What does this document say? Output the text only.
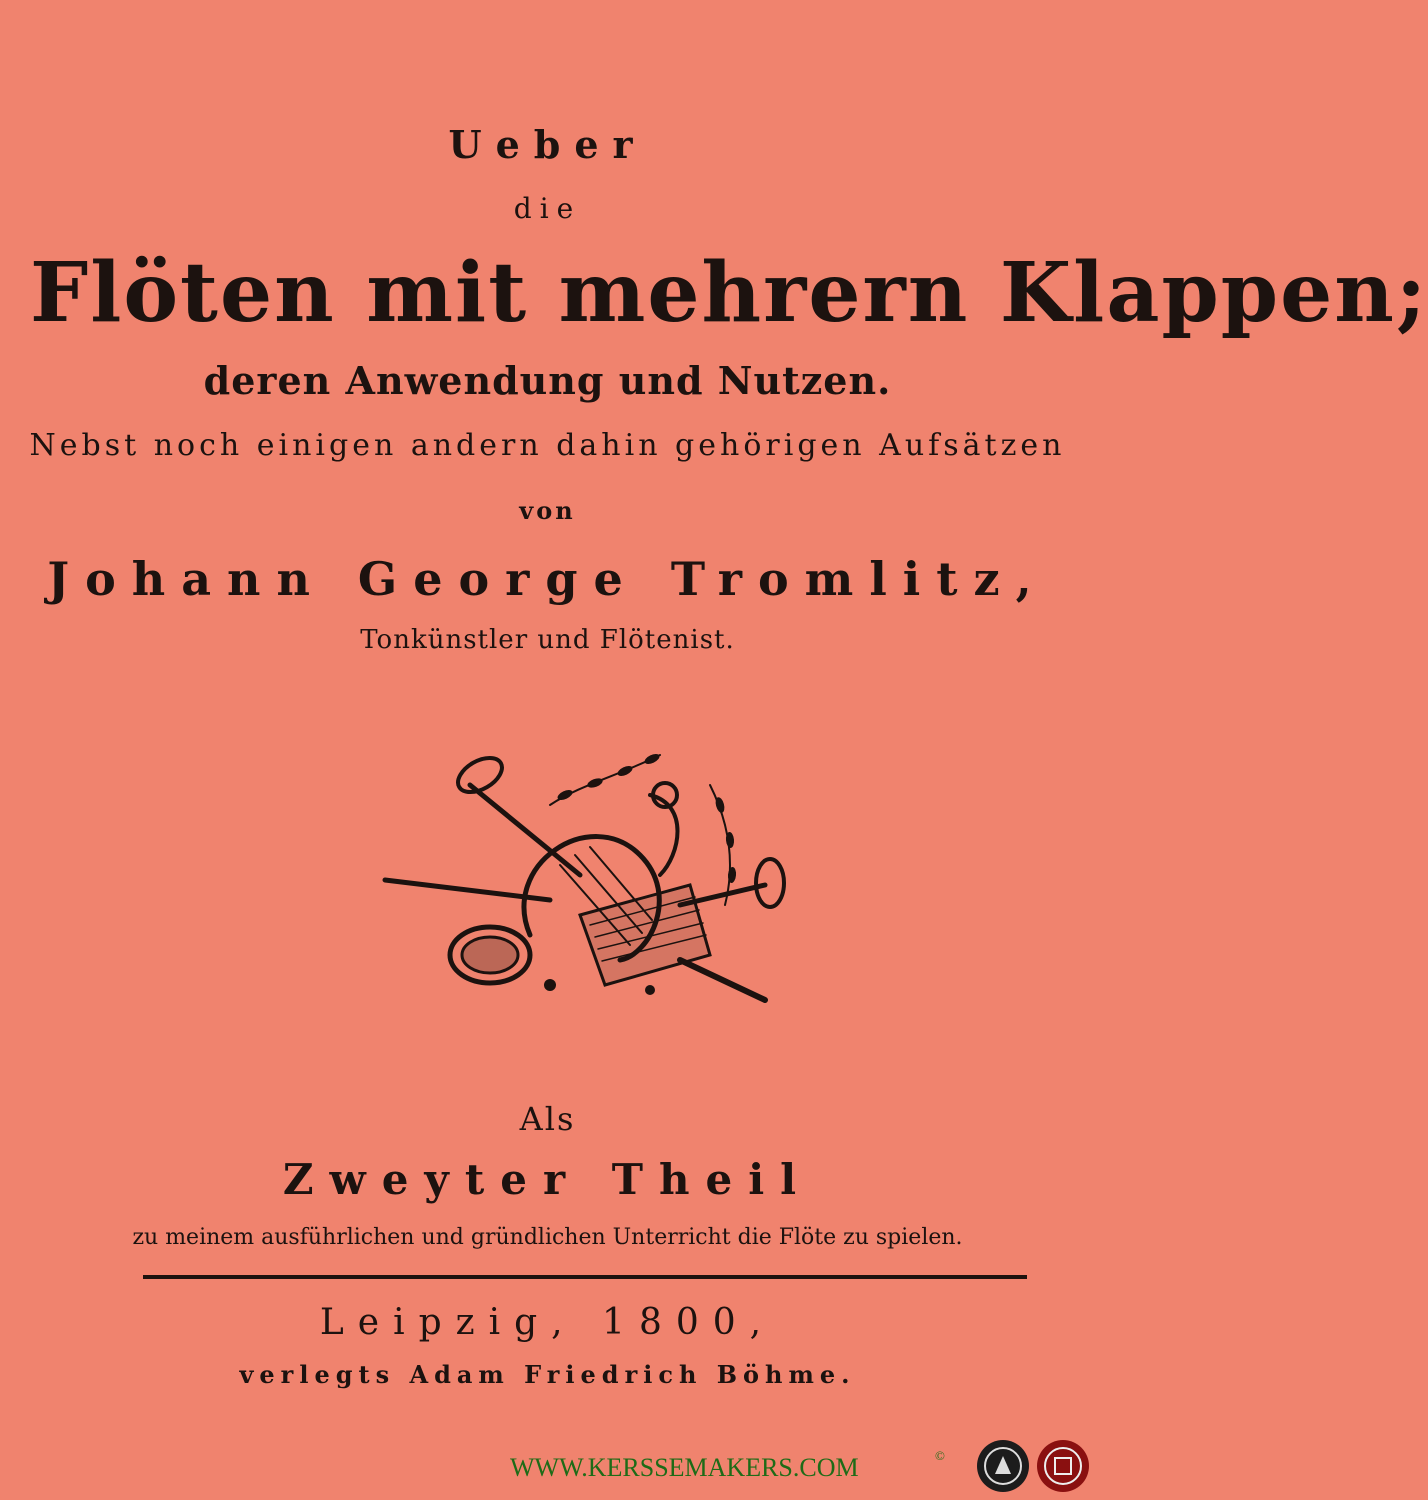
Ueber
die
Flöten mit mehrern Klappen;
deren Anwendung und Nutzen.
Nebst noch einigen andern dahin gehörigen Aufsätzen
von
Johann George Tromlitz,
Tonkünstler und Flötenist.
Als
Zweyter Theil
zu meinem ausführlichen und gründlichen Unterricht die Flöte zu spielen.
Leipzig, 1800,
verlegts Adam Friedrich Böhme.
WWW.KERSSEMAKERS.COM	©
